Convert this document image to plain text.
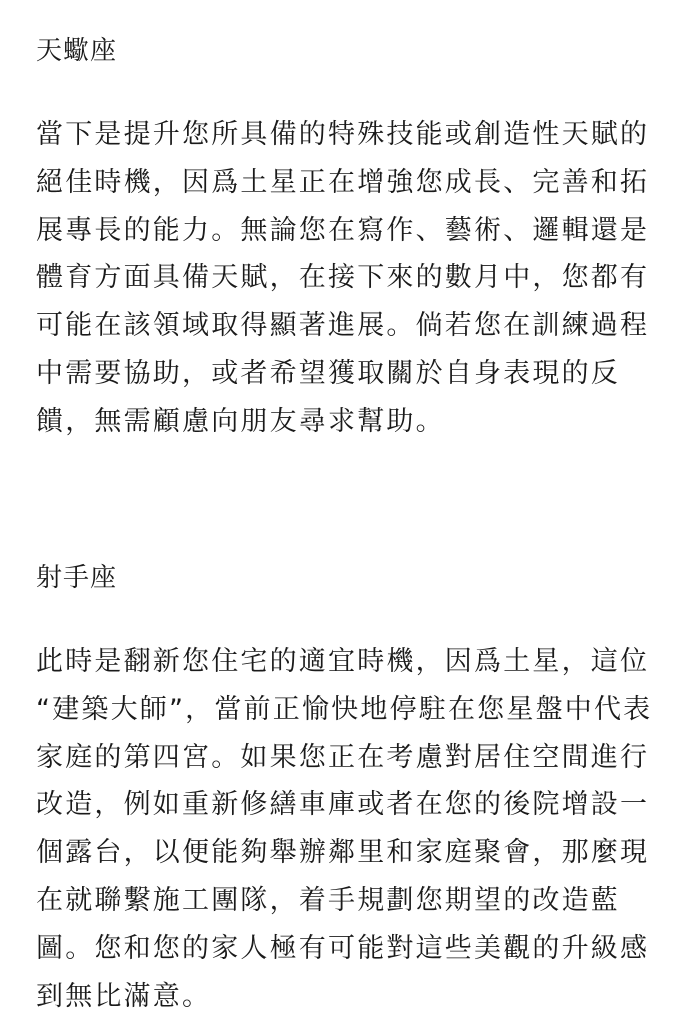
天蠍座
當下是提升您所具備的特殊技能或創造性天賦的
絕佳時機，因爲土星正在增強您成長、完善和拓
展專長的能力。無論您在寫作、藝術、邏輯還是
體育方面具備天賦，在接下來的數月中，您都有
可能在該領域取得顯著進展。倘若您在訓練過程
中需要協助，或者希望獲取關於自身表現的反
饋，無需顧慮向朋友尋求幫助。
射手座
此時是翻新您住宅的適宜時機，因爲土星，這位
“建築大師”，當前正愉快地停駐在您星盤中代表
家庭的第四宮。如果您正在考慮對居住空間進行
改造，例如重新修繕車庫或者在您的後院增設一
個露台，以便能夠舉辦鄰里和家庭聚會，那麼現
在就聯繫施工團隊，着手規劃您期望的改造藍
圖。您和您的家人極有可能對這些美觀的升級感
到無比滿意。
